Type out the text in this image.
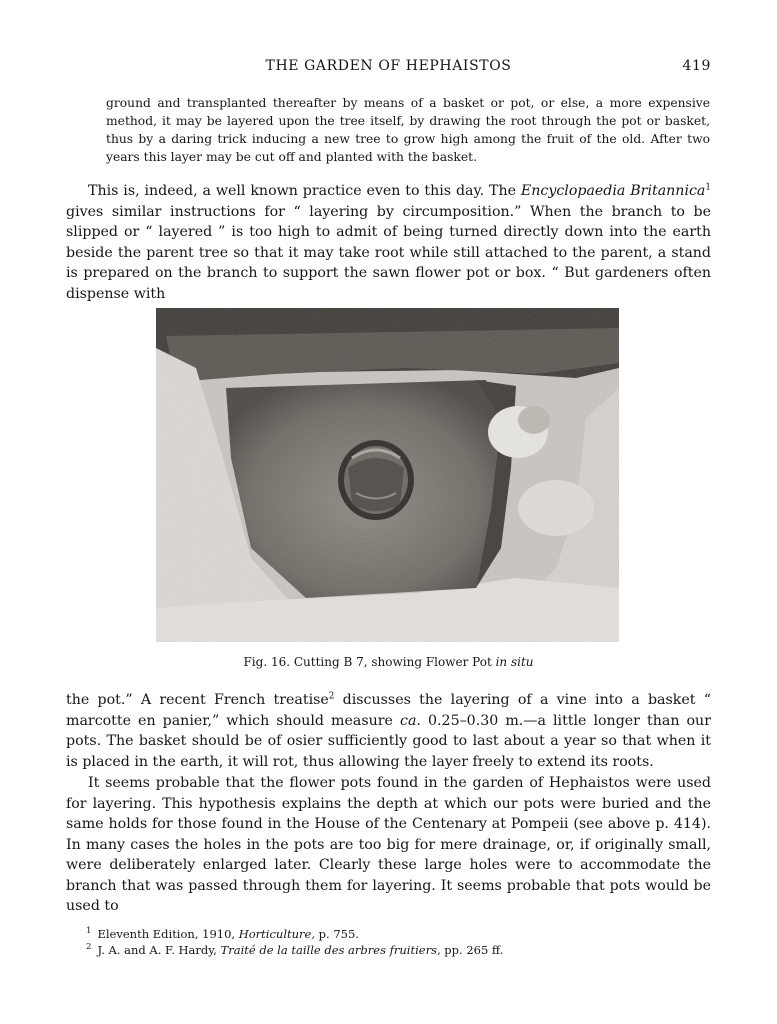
THE GARDEN OF HEPHAISTOS	419

ground and transplanted thereafter by means of a basket or pot, or else, a more expensive method, it may be layered upon the tree itself, by drawing the root through the pot or basket, thus by a daring trick inducing a new tree to grow high among the fruit of the old. After two years this layer may be cut off and planted with the basket.

This is, indeed, a well known practice even to this day. The Encyclopaedia Britannica$^1$ gives similar instructions for “ layering by circumposition.” When the branch to be slipped or “ layered ” is too high to admit of being turned directly down into the earth beside the parent tree so that it may take root while still attached to the parent, a stand is prepared on the branch to support the sawn flower pot or box. “ But gardeners often dispense with

Fig. 16. Cutting B 7, showing Flower Pot in situ

the pot.” A recent French treatise$^2$ discusses the layering of a vine into a basket “ marcotte en panier,” which should measure ca. 0.25–0.30 m.—a little longer than our pots. The basket should be of osier sufficiently good to last about a year so that when it is placed in the earth, it will rot, thus allowing the layer freely to extend its roots.

It seems probable that the flower pots found in the garden of Hephaistos were used for layering. This hypothesis explains the depth at which our pots were buried and the same holds for those found in the House of the Centenary at Pompeii (see above p. 414). In many cases the holes in the pots are too big for mere drainage, or, if originally small, were deliberately enlarged later. Clearly these large holes were to accommodate the branch that was passed through them for layering. It seems probable that pots would be used to

$^1$ Eleventh Edition, 1910, Horticulture, p. 755.
$^2$ J. A. and A. F. Hardy, Traité de la taille des arbres fruitiers, pp. 265 ff.
